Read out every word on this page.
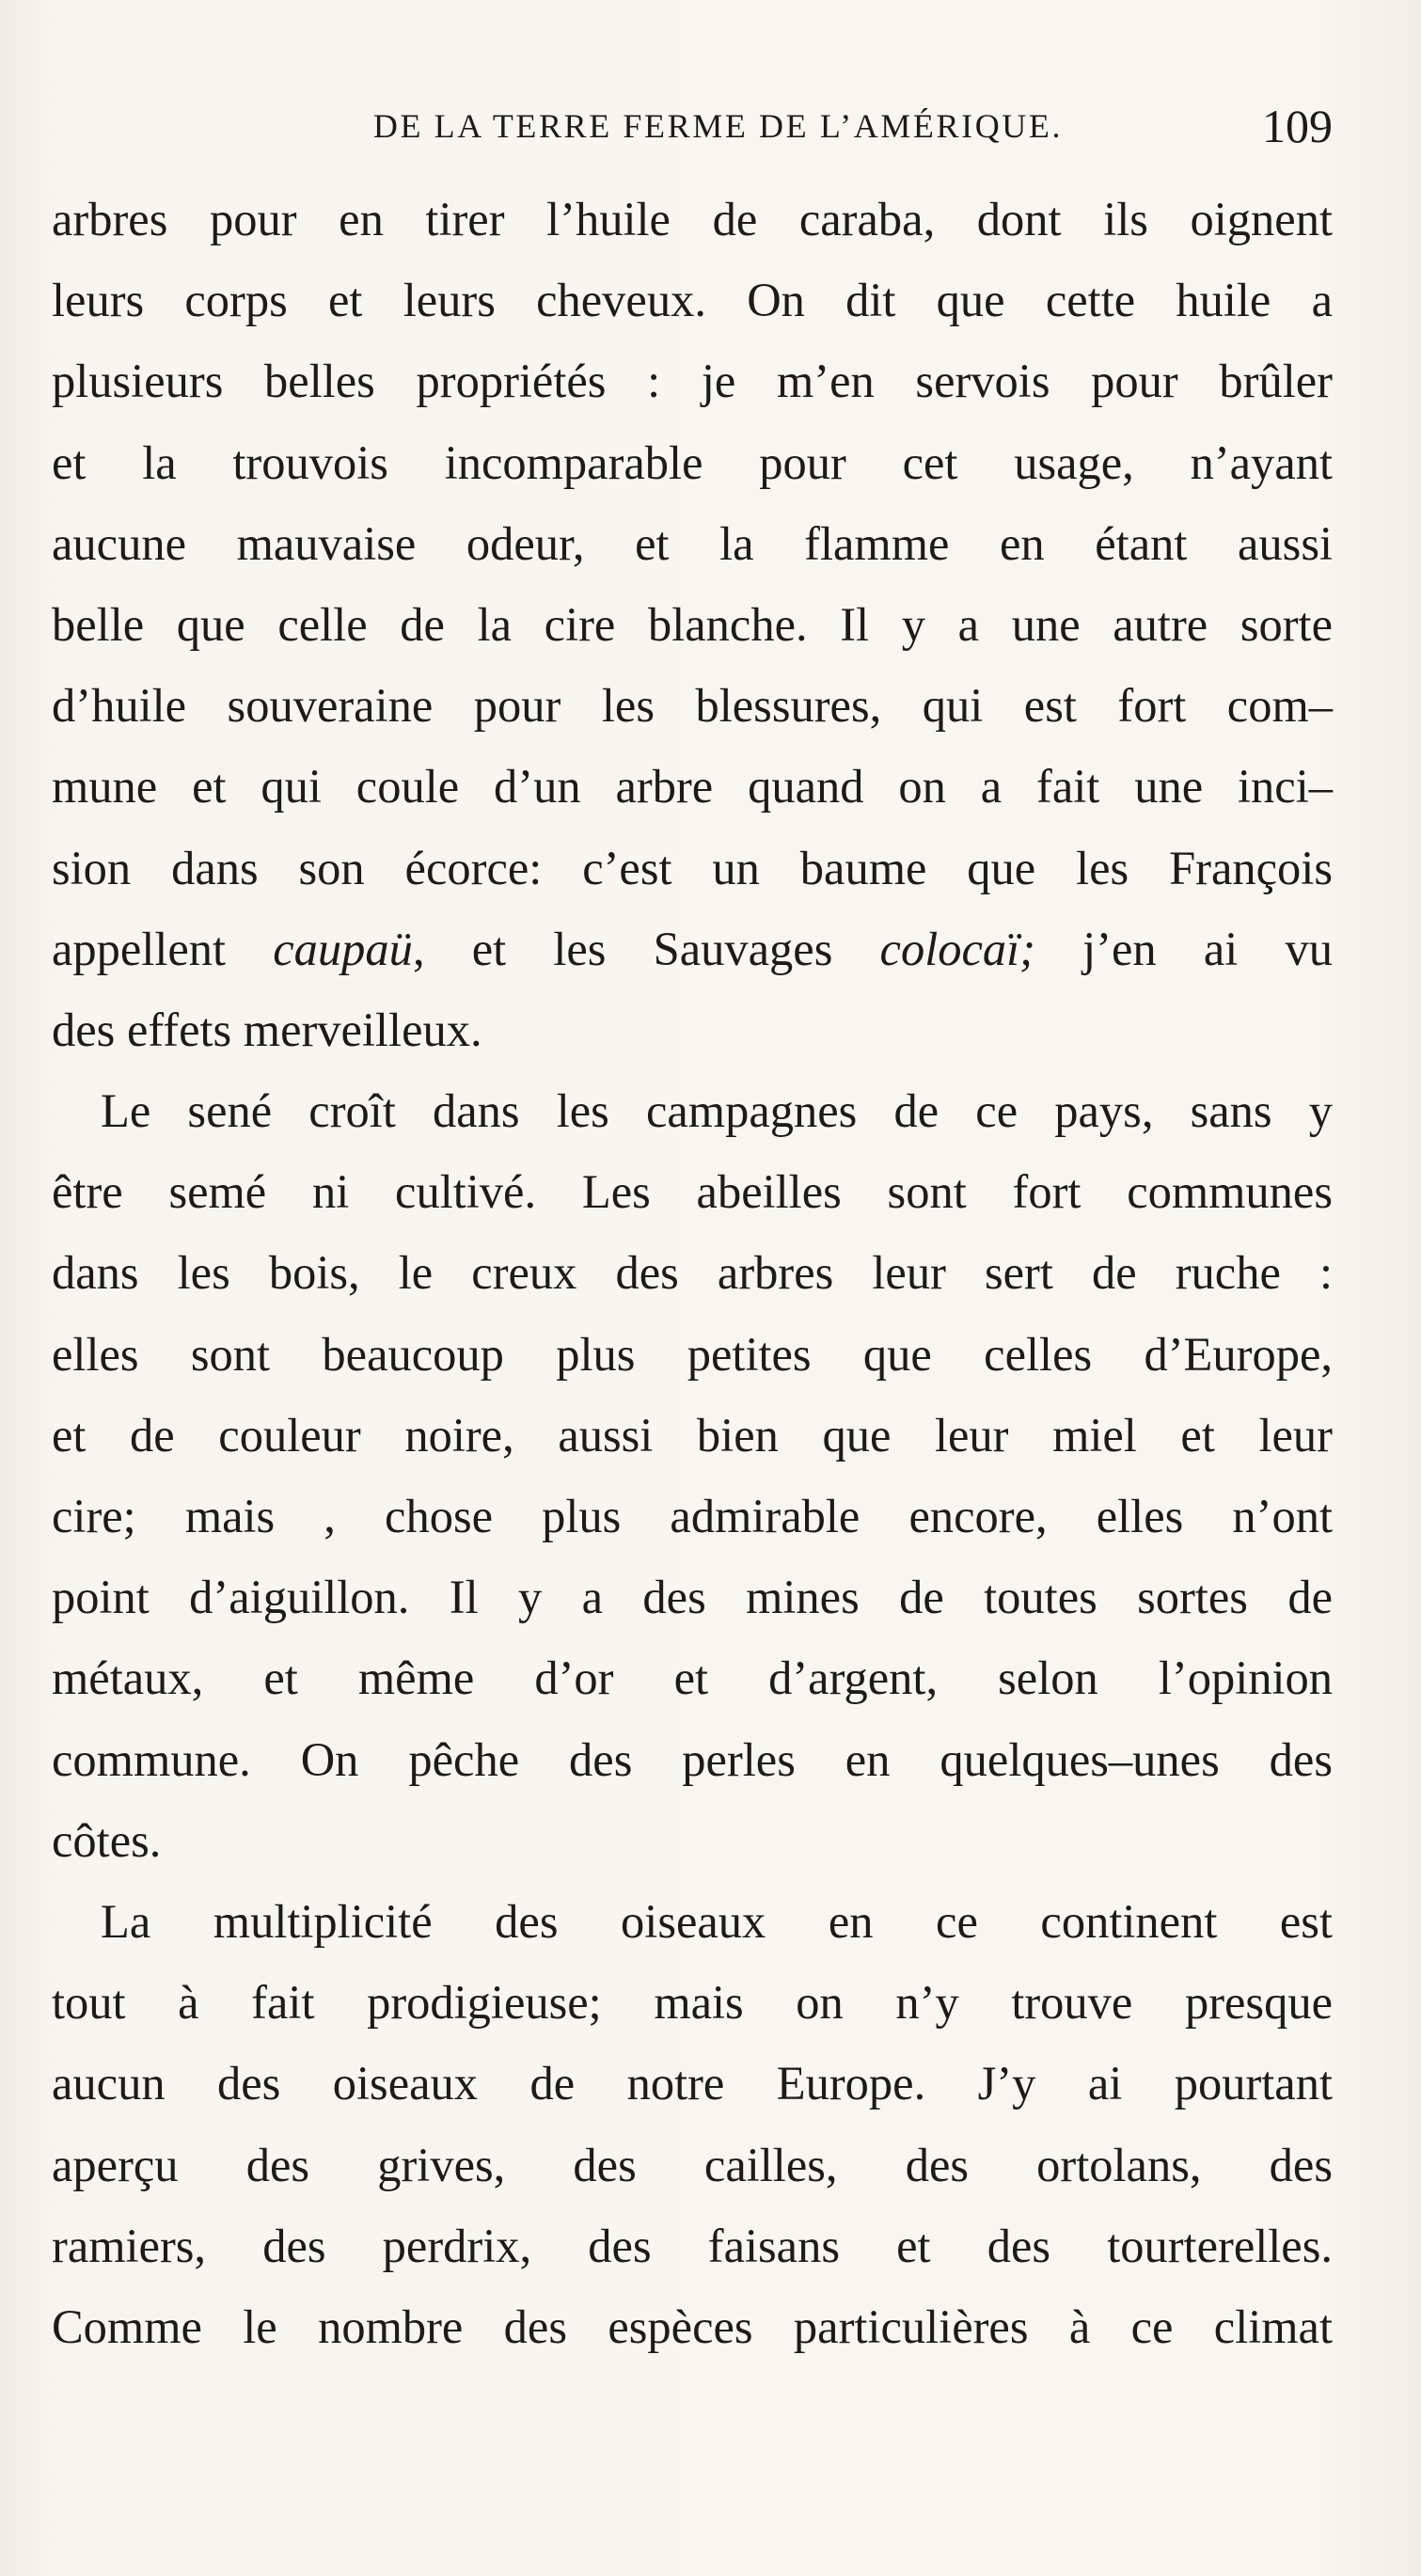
DE LA TERRE FERME DE L’AMÉRIQUE.	109
arbres pour en tirer l’huile de caraba, dont ils oignent
leurs corps et leurs cheveux. On dit que cette huile a
plusieurs belles propriétés : je m’en servois pour brûler
et la trouvois incomparable pour cet usage, n’ayant
aucune mauvaise odeur, et la flamme en étant aussi
belle que celle de la cire blanche. Il y a une autre sorte
d’huile souveraine pour les blessures, qui est fort com–
mune et qui coule d’un arbre quand on a fait une inci–
sion dans son écorce: c’est un baume que les François
appellent caupaü, et les Sauvages colocaï; j’en ai vu
des effets merveilleux.
Le sené croît dans les campagnes de ce pays, sans y
être semé ni cultivé. Les abeilles sont fort communes
dans les bois, le creux des arbres leur sert de ruche :
elles sont beaucoup plus petites que celles d’Europe,
et de couleur noire, aussi bien que leur miel et leur
cire; mais , chose plus admirable encore, elles n’ont
point d’aiguillon. Il y a des mines de toutes sortes de
métaux, et même d’or et d’argent, selon l’opinion
commune. On pêche des perles en quelques–unes des
côtes.
La multiplicité des oiseaux en ce continent est
tout à fait prodigieuse; mais on n’y trouve presque
aucun des oiseaux de notre Europe. J’y ai pourtant
aperçu des grives, des cailles, des ortolans, des
ramiers, des perdrix, des faisans et des tourterelles.
Comme le nombre des espèces particulières à ce climat
